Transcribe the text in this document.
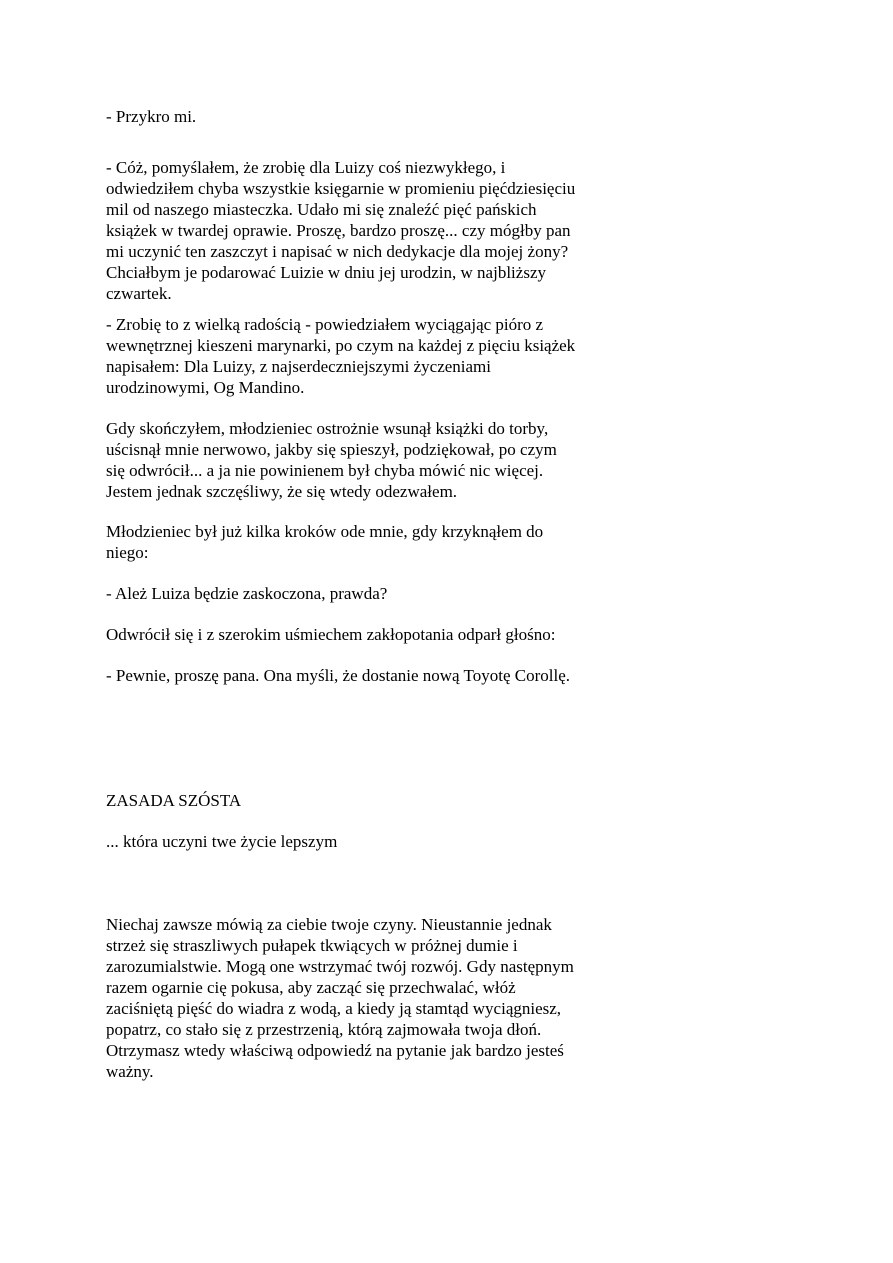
- Przykro mi.
- Cóż, pomyślałem, że zrobię dla Luizy coś niezwykłego, i
odwiedziłem chyba wszystkie księgarnie w promieniu pięćdziesięciu
mil od naszego miasteczka. Udało mi się znaleźć pięć pańskich
książek w twardej oprawie. Proszę, bardzo proszę... czy mógłby pan
mi uczynić ten zaszczyt i napisać w nich dedykacje dla mojej żony?
Chciałbym je podarować Luizie w dniu jej urodzin, w najbliższy
czwartek.
- Zrobię to z wielką radością - powiedziałem wyciągając pióro z
wewnętrznej kieszeni marynarki, po czym na każdej z pięciu książek
napisałem: Dla Luizy, z najserdeczniejszymi życzeniami
urodzinowymi, Og Mandino.
Gdy skończyłem, młodzieniec ostrożnie wsunął książki do torby,
uścisnął mnie nerwowo, jakby się spieszył, podziękował, po czym
się odwrócił... a ja nie powinienem był chyba mówić nic więcej.
Jestem jednak szczęśliwy, że się wtedy odezwałem.
Młodzieniec był już kilka kroków ode mnie, gdy krzyknąłem do
niego:
- Ależ Luiza będzie zaskoczona, prawda?
Odwrócił się i z szerokim uśmiechem zakłopotania odparł głośno:
- Pewnie, proszę pana. Ona myśli, że dostanie nową Toyotę Corollę.
ZASADA SZÓSTA
... która uczyni twe życie lepszym
Niechaj zawsze mówią za ciebie twoje czyny. Nieustannie jednak
strzeż się straszliwych pułapek tkwiących w próżnej dumie i
zarozumialstwie. Mogą one wstrzymać twój rozwój. Gdy następnym
razem ogarnie cię pokusa, aby zacząć się przechwalać, włóż
zaciśniętą pięść do wiadra z wodą, a kiedy ją stamtąd wyciągniesz,
popatrz, co stało się z przestrzenią, którą zajmowała twoja dłoń.
Otrzymasz wtedy właściwą odpowiedź na pytanie jak bardzo jesteś
ważny.
